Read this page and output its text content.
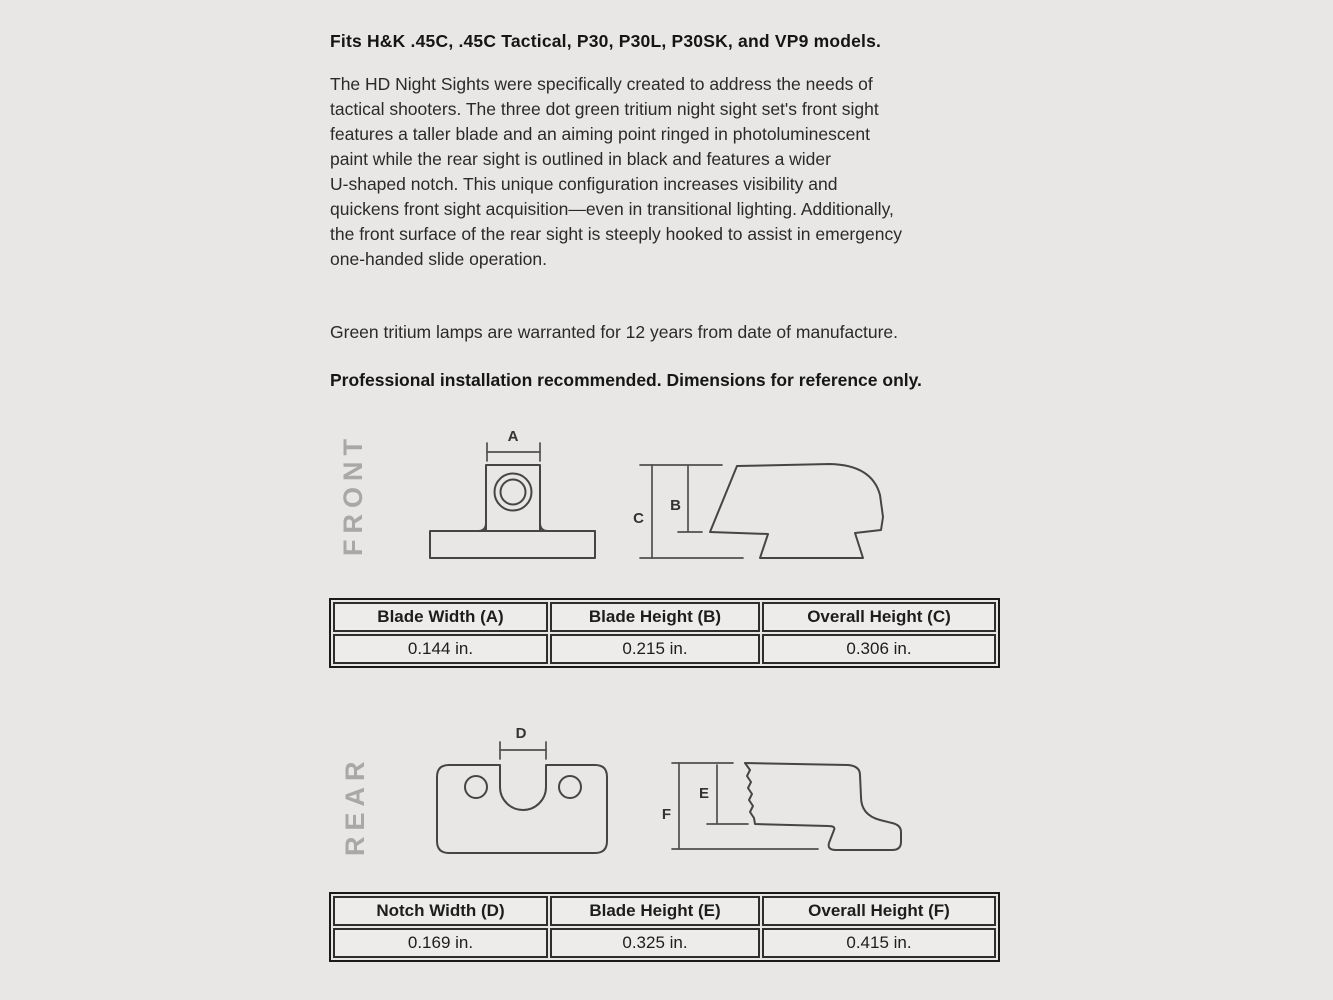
Fits H&K .45C, .45C Tactical, P30, P30L, P30SK, and VP9 models.
The HD Night Sights were specifically created to address the needs of
tactical shooters. The three dot green tritium night sight set's front sight
features a taller blade and an aiming point ringed in photoluminescent
paint while the rear sight is outlined in black and features a wider
U-shaped notch. This unique configuration increases visibility and
quickens front sight acquisition—even in transitional lighting. Additionally,
the front surface of the rear sight is steeply hooked to assist in emergency
one-handed slide operation.
Green tritium lamps are warranted for 12 years from date of manufacture.
Professional installation recommended. Dimensions for reference only.
FRONT	A
C
B
Blade Width (A)	Blade Height (B)	Overall Height (C)
0.144 in.	0.215 in.	0.306 in.
REAR
D
F
E
Notch Width (D)	Blade Height (E)	Overall Height (F)
0.169 in.	0.325 in.	0.415 in.
